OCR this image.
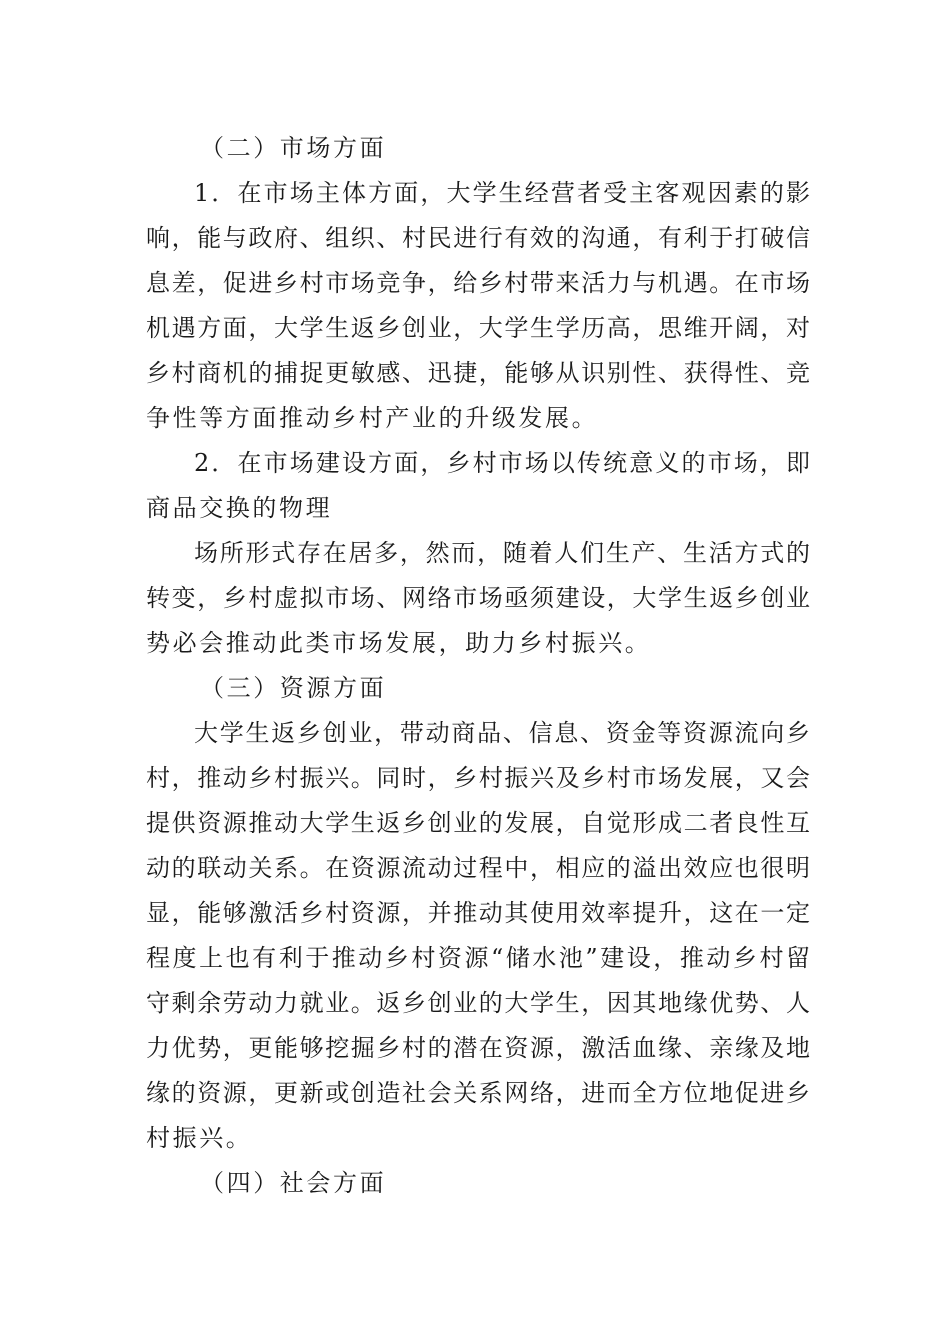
（二）市场方面
1．在市场主体方面，大学生经营者受主客观因素的影
响，能与政府、组织、村民进行有效的沟通，有利于打破信
息差，促进乡村市场竞争，给乡村带来活力与机遇。在市场
机遇方面，大学生返乡创业，大学生学历高，思维开阔，对
乡村商机的捕捉更敏感、迅捷，能够从识别性、获得性、竞
争性等方面推动乡村产业的升级发展。
2．在市场建设方面，乡村市场以传统意义的市场，即
商品交换的物理
场所形式存在居多，然而，随着人们生产、生活方式的
转变，乡村虚拟市场、网络市场亟须建设，大学生返乡创业
势必会推动此类市场发展，助力乡村振兴。
（三）资源方面
大学生返乡创业，带动商品、信息、资金等资源流向乡
村，推动乡村振兴。同时，乡村振兴及乡村市场发展，又会
提供资源推动大学生返乡创业的发展，自觉形成二者良性互
动的联动关系。在资源流动过程中，相应的溢出效应也很明
显，能够激活乡村资源，并推动其使用效率提升，这在一定
程度上也有利于推动乡村资源“储水池”建设，推动乡村留
守剩余劳动力就业。返乡创业的大学生，因其地缘优势、人
力优势，更能够挖掘乡村的潜在资源，激活血缘、亲缘及地
缘的资源，更新或创造社会关系网络，进而全方位地促进乡
村振兴。
（四）社会方面
